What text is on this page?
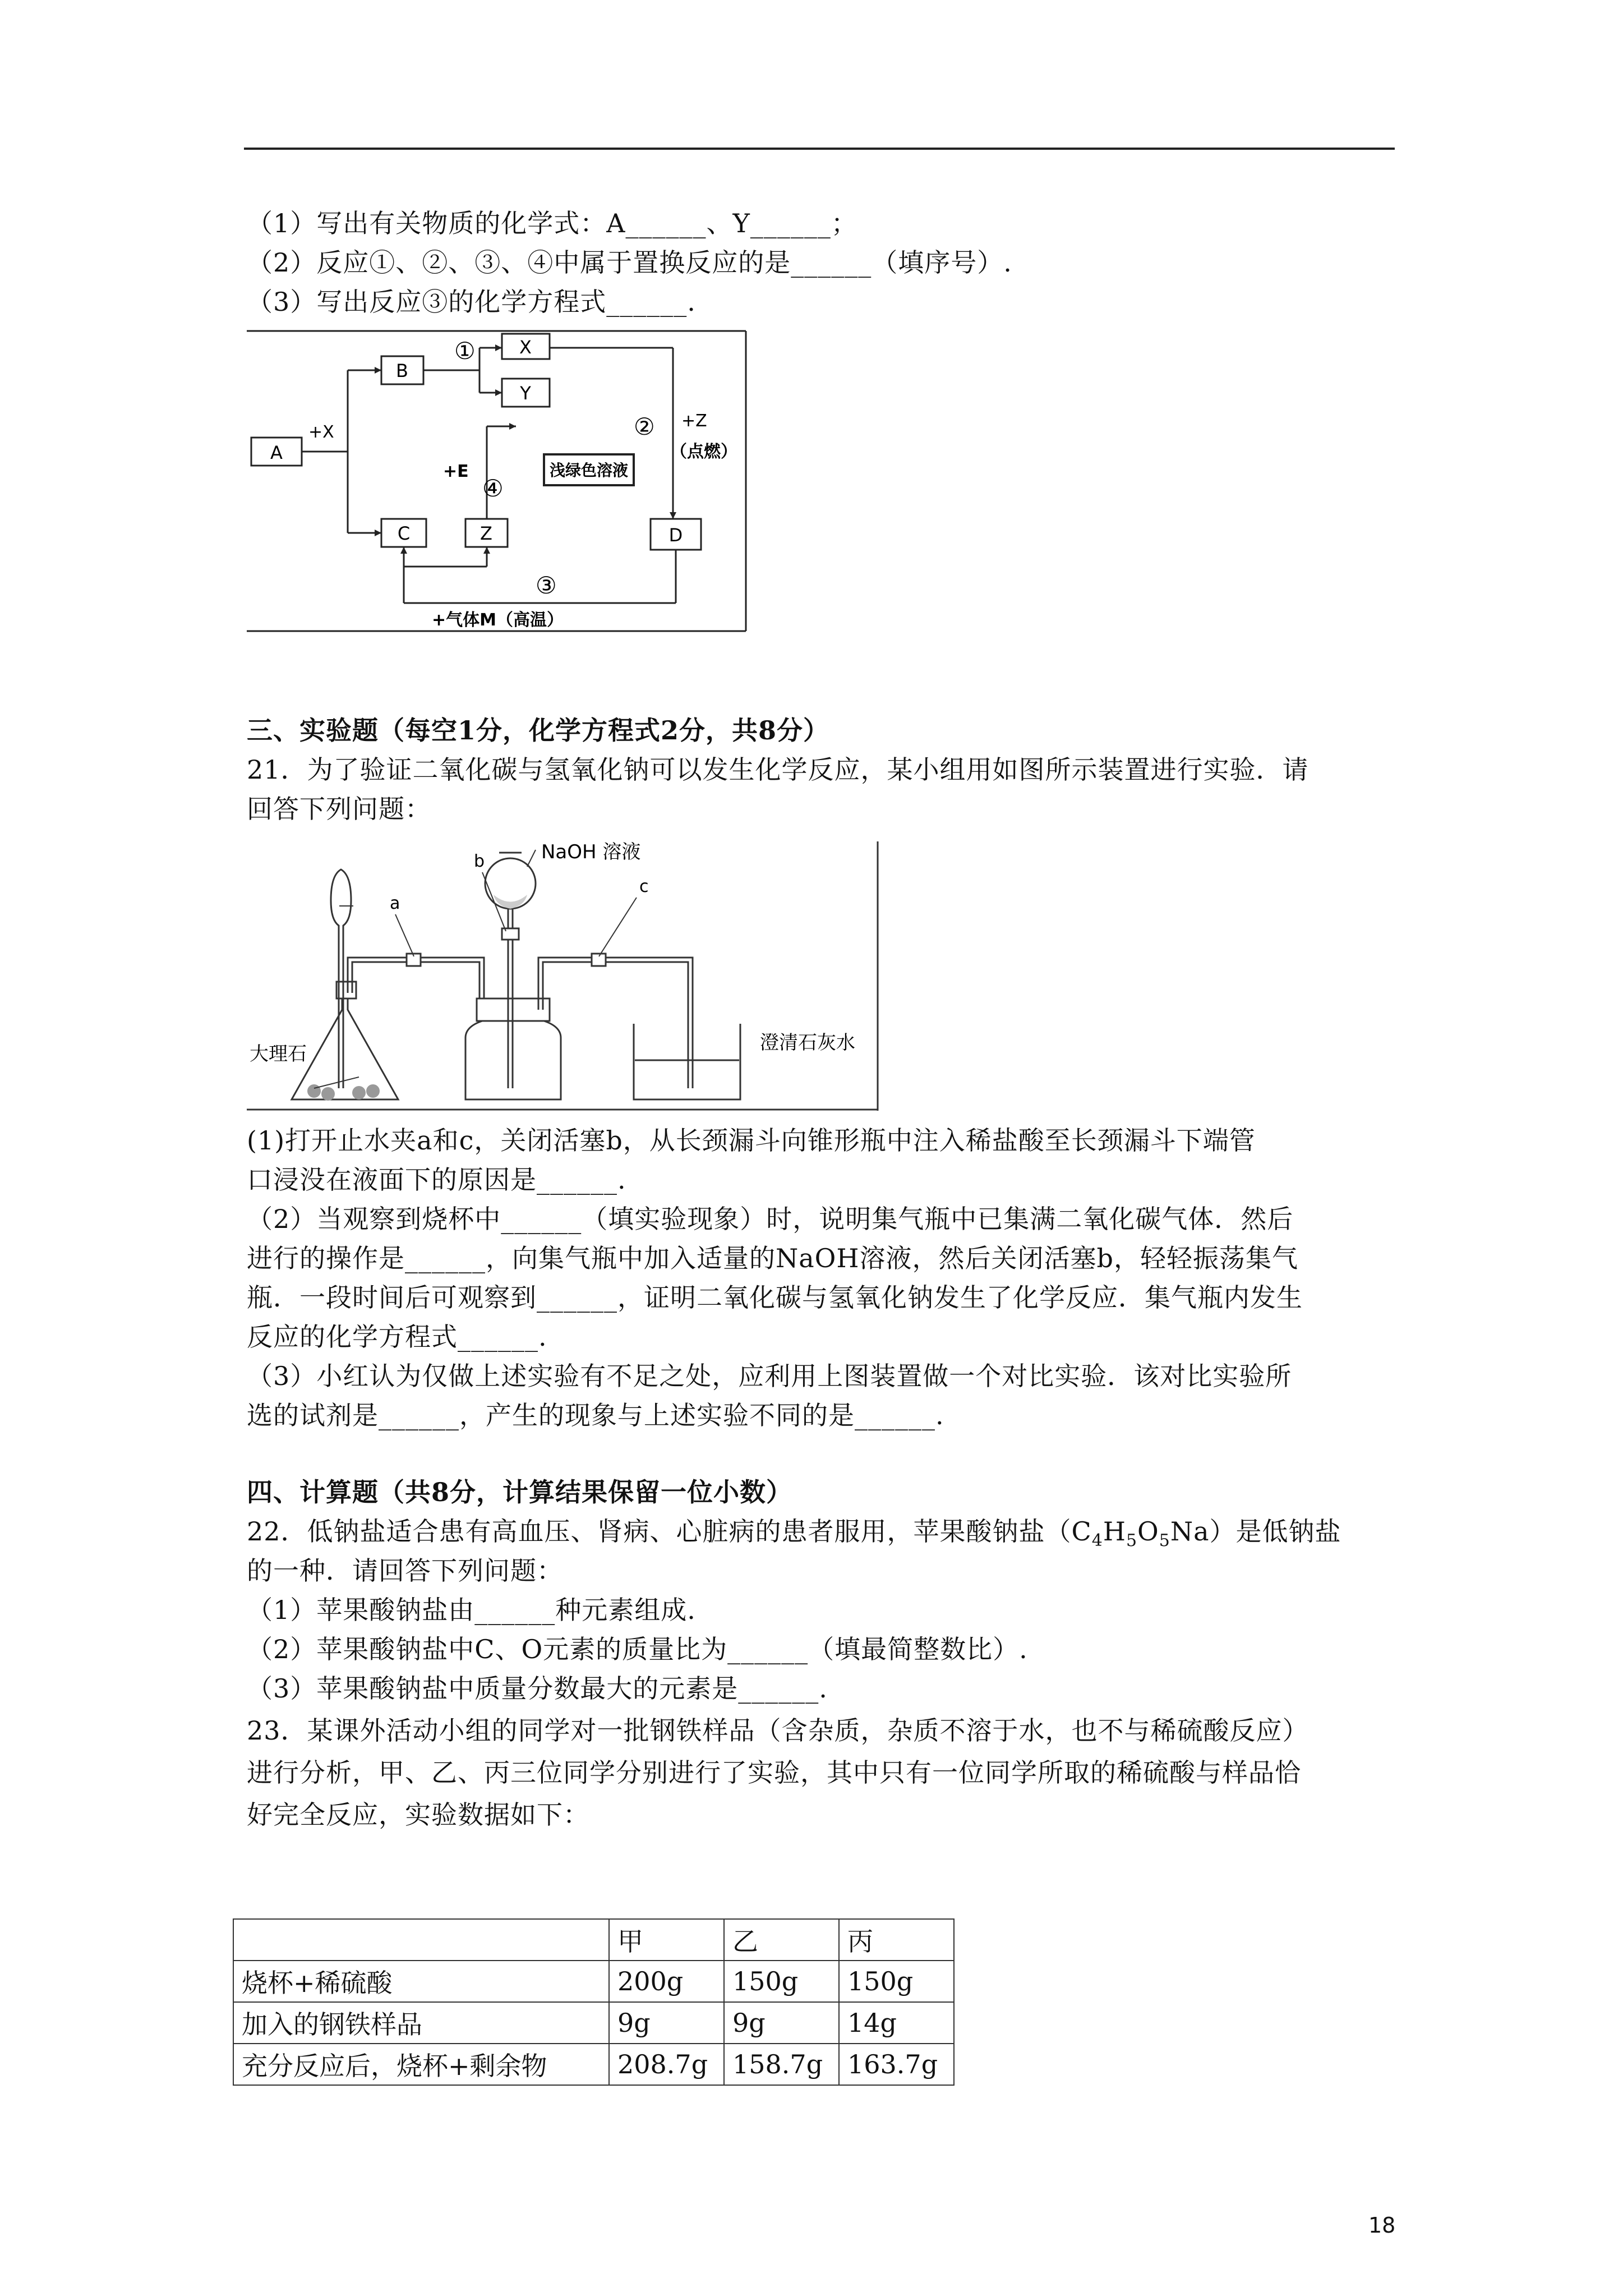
（1）写出有关物质的化学式：A______、Y______；
（2）反应①、②、③、④中属于置换反应的是______（填序号）.
（3）写出反应③的化学方程式______.
A
B
X
Y
C	Z	D
+X
①
② +Z
（点燃）
+E
④
浅绿色溶液
③
+气体M（高温）
三、实验题（每空1分，化学方程式2分，共8分）
21．为了验证二氧化碳与氢氧化钠可以发生化学反应，某小组用如图所示装置进行实验．请
回答下列问题：
a
b
c
NaOH 溶液
大理石	澄清石灰水
(1)打开止水夹a和c，关闭活塞b，从长颈漏斗向锥形瓶中注入稀盐酸至长颈漏斗下端管
口浸没在液面下的原因是______.
（2）当观察到烧杯中______（填实验现象）时，说明集气瓶中已集满二氧化碳气体．然后
进行的操作是______，向集气瓶中加入适量的NaOH溶液，然后关闭活塞b，轻轻振荡集气
瓶．一段时间后可观察到______，证明二氧化碳与氢氧化钠发生了化学反应．集气瓶内发生
反应的化学方程式______.
（3）小红认为仅做上述实验有不足之处，应利用上图装置做一个对比实验．该对比实验所
选的试剂是______，产生的现象与上述实验不同的是______.
四、计算题（共8分，计算结果保留一位小数）
22．低钠盐适合患有高血压、肾病、心脏病的患者服用，苹果酸钠盐$(C_4H_5O_5Na)$是低钠盐
的一种．请回答下列问题：
（1）苹果酸钠盐由______种元素组成.
（2）苹果酸钠盐中C、O元素的质量比为______（填最简整数比）.
（3）苹果酸钠盐中质量分数最大的元素是______.
23．某课外活动小组的同学对一批钢铁样品（含杂质，杂质不溶于水，也不与稀硫酸反应）
进行分析，甲、乙、丙三位同学分别进行了实验，其中只有一位同学所取的稀硫酸与样品恰
好完全反应，实验数据如下：
	甲	乙	丙
烧杯+稀硫酸	200g	150g	150g
加入的钢铁样品	9g	9g	14g
充分反应后，烧杯+剩余物	208.7g	158.7g	163.7g
18
